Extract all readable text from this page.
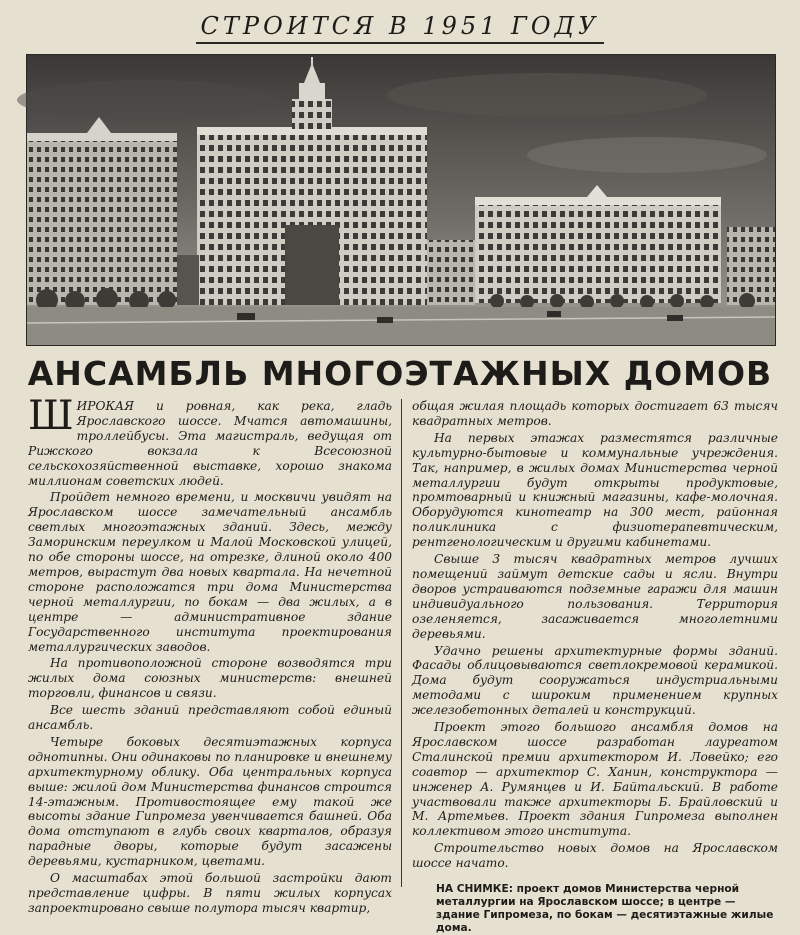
СТРОИТСЯ В 1951 ГОДУ
АНСАМБЛЬ МНОГОЭТАЖНЫХ ДОМОВ

ШИРОКАЯ и ровная, как река, гладь Ярославского шоссе. Мчатся автомашины, троллейбусы. Эта магистраль, ведущая от Рижского вокзала к Всесоюзной сельскохозяйственной выставке, хорошо знакома миллионам советских людей.

Пройдет немного времени, и москвичи увидят на Ярославском шоссе замечательный ансамбль светлых многоэтажных зданий. Здесь, между Замоpинским переулком и Малой Московской улицей, по обе стороны шоссе, на отрезке, длиной около 400 метров, вырастут два новых квартала. На нечетной стороне расположатся три дома Министерства черной металлургии, по бокам — два жилых, а в центре — административное здание Государственного института проектирования металлургических заводов.

На противоположной стороне возводятся три жилых дома союзных министерств: внешней торговли, финансов и связи.

Все шесть зданий представляют собой единый ансамбль.

Четыре боковых десятиэтажных корпуса однотипны. Они одинаковы по планировке и внешнему архитектурному облику. Оба центральных корпуса выше: жилой дом Министерства финансов строится 14-этажным. Противостоящее ему такой же высоты здание Гипромеза увенчивается башней. Оба дома отступают в глубь своих кварталов, образуя парадные дворы, которые будут засажены деревьями, кустарником, цветами.

О масштабах этой большой застройки дают представление цифры. В пяти жилых корпусах запроектировано свыше полутора тысяч квартир,

общая жилая площадь которых достигает 63 тысяч квадратных метров.

На первых этажах разместятся различные культурно-бытовые и коммунальные учреждения. Так, например, в жилых домах Министерства черной металлургии будут открыты продуктовые, промтоварный и книжный магазины, кафе-молочная. Оборудуются кинотеатр на 300 мест, районная поликлиника с физиотерапевтическим, рентгенологическим и другими кабинетами.

Свыше 3 тысяч квадратных метров лучших помещений займут детские сады и ясли. Внутри дворов устраиваются подземные гаражи для машин индивидуального пользования. Территория озеленяется, засаживается многолетними деревьями.

Удачно решены архитектурные формы зданий. Фасады облицовываются светлокремовой керамикой. Дома будут сооружаться индустриальными методами с широким применением крупных железобетонных деталей и конструкций.

Проект этого большого ансамбля домов на Ярославском шоссе разработан лауреатом Сталинской премии архитектором И. Ловейко; его соавтор — архитектор С. Ханин, конструктора — инженер А. Румянцев и И. Байтальский. В работе участвовали также архитекторы Б. Брайловский и М. Артемьев. Проект здания Гипромеза выполнен коллективом этого института.

Строительство новых домов на Ярославском шоссе начато.

НА СНИМКЕ: проект домов Министерства черной металлургии на Ярославском шоссе; в центре — здание Гипромеза, по бокам — десятиэтажные жилые дома.
